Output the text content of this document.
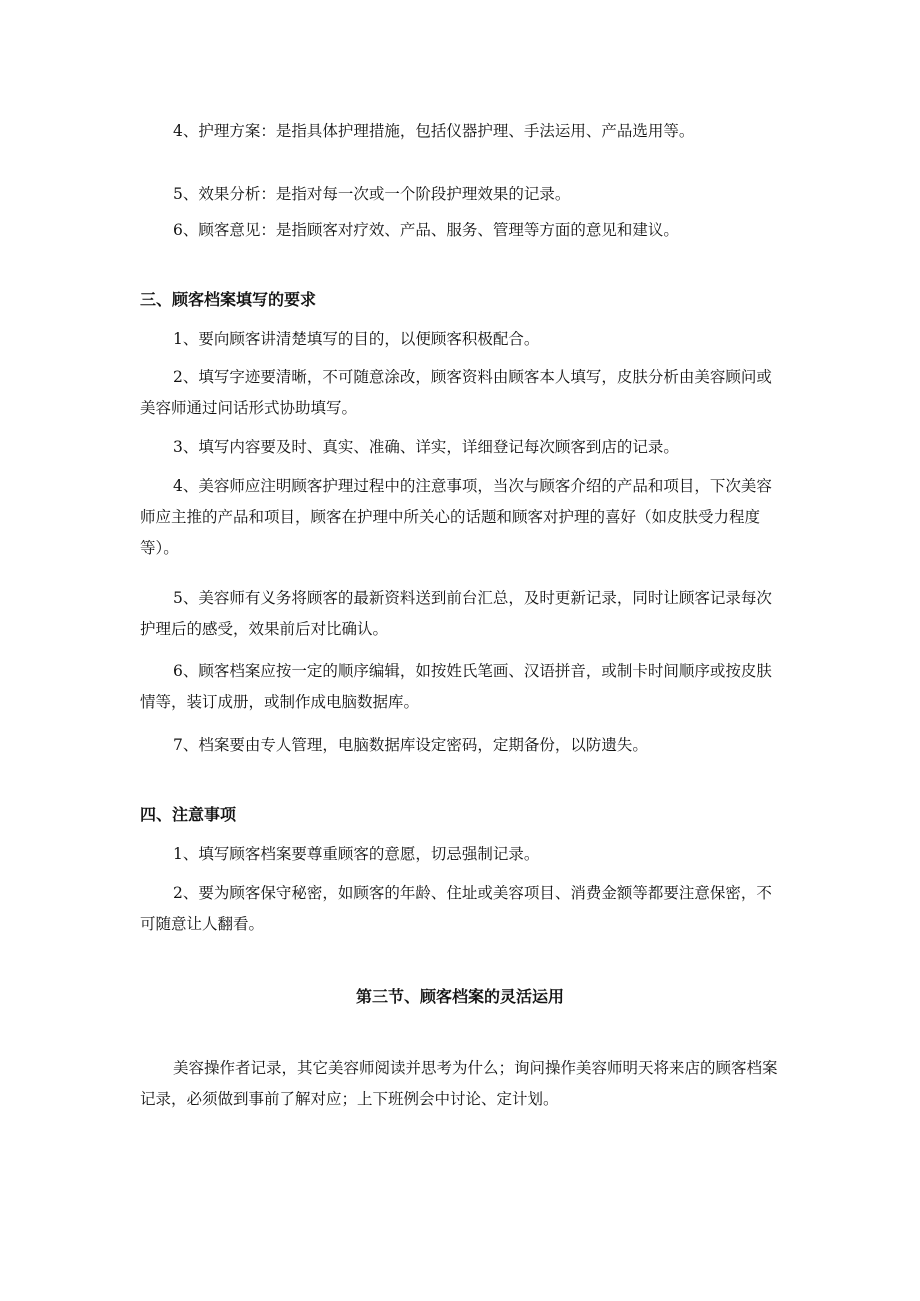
4、护理方案：是指具体护理措施，包括仪器护理、手法运用、产品选用等。

5、效果分析：是指对每一次或一个阶段护理效果的记录。

6、顾客意见：是指顾客对疗效、产品、服务、管理等方面的意见和建议。

三、顾客档案填写的要求

1、要向顾客讲清楚填写的目的，以便顾客积极配合。

2、填写字迹要清晰，不可随意涂改，顾客资料由顾客本人填写，皮肤分析由美容顾问或美容师通过问话形式协助填写。

3、填写内容要及时、真实、准确、详实，详细登记每次顾客到店的记录。

4、美容师应注明顾客护理过程中的注意事项，当次与顾客介绍的产品和项目，下次美容师应主推的产品和项目，顾客在护理中所关心的话题和顾客对护理的喜好（如皮肤受力程度等）。

5、美容师有义务将顾客的最新资料送到前台汇总，及时更新记录，同时让顾客记录每次护理后的感受，效果前后对比确认。

6、顾客档案应按一定的顺序编辑，如按姓氏笔画、汉语拼音，或制卡时间顺序或按皮肤情等，装订成册，或制作成电脑数据库。

7、档案要由专人管理，电脑数据库设定密码，定期备份，以防遗失。

四、注意事项

1、填写顾客档案要尊重顾客的意愿，切忌强制记录。

2、要为顾客保守秘密，如顾客的年龄、住址或美容项目、消费金额等都要注意保密，不可随意让人翻看。

第三节、顾客档案的灵活运用

美容操作者记录，其它美容师阅读并思考为什么；询问操作美容师明天将来店的顾客档案记录，必须做到事前了解对应；上下班例会中讨论、定计划。
